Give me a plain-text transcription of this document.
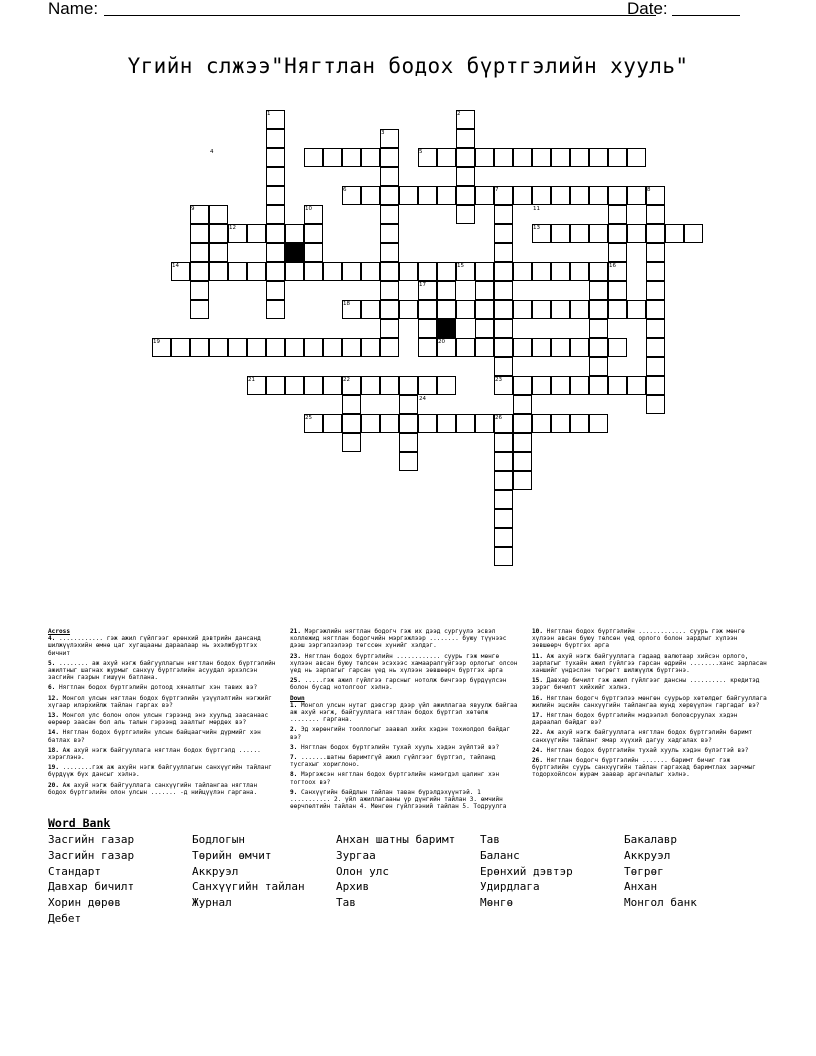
Name:	Date:
Үгийн слжээ"Нягтлан бодох бүртгэлийн хууль"
1	2
3
4	5
6	7	8
9	10	11
12	13
14	15	16
17
18
19	20
21	22	23
24
25	26
Across
4. ............ гэж ажил гүйлгээг ерөнхий дэвтрийн дансанд шилжүүлэхийн өмнө цаг хугацааны дараалаар нь эхэлжбүртгэх бичнит
5. ........ аж ахуй нэгж байгууллагын нягтлан бодох бүртгэлийн ажилтныг шагнах журмыг санхүү бүртгэлийн асуудал эрхэлсэн засгийн газрын гишүүн батлана.
6. Нягтлан бодох бүртгэлийн дотоод хяналтыг хэн тавих вэ?
12. Монгол улсын нягтлан бодох бүртгэлийн үзүүлэлтийн нэгжийг хүгаар илэрхийлж тайлан гаргах вэ?
13. Монгол улс болон олон улсын гэрээнд энэ хуульд заасанаас өөрөөр заасан бол аль талын гэрээнд заалтыг мөрдөх вэ?
14. Нягтлан бодох бүртгэлийн улсын байцаагчийн дүрмийг хэн батлах вэ?
18. Аж ахуй нэгж байгууллага нягтлан бодох бүртгэлд ...... хэрэглэнэ.
19. ........гэж аж ахуйн нэгж байгууллагын санхүүгийн тайланг бүрдүүж бүх дансыг хэлнэ.
20. Аж ахуй нэгж байгууллага санхүүгийн тайлангаа нягтлан бодох бүртгэлийн олон улсын ....... -д нийцүүлэн гаргана.
21. Мэргэжлийн нягтлан бодогч гэж их дээд сургуулэ эсвэл коллежид нягтлан бодогчийн мэргэжлээр ........ буюу түүнээс дээш зэргэлзэлээр төгссөн хүнийг хэлдэг.
23. Нягтлан бодох бүртгэлийн ............ суурь гэж мөнгө хүлээн авсан буюу төлсөн эсэхээс хамааралгүйгээр орлогыг олсон үед нь зарлагыг гарсан үед нь хүлээн зөвшөөрч бүртгэх арга
25. .....гэж ажил гүйлгээ гарсныг нотолж бичгээр бүрдүүлсэн болон бусад нотолгоог хэлнэ.
Down
1. Монгол улсын нутаг дэвсгэр дээр үйл ажиллагаа явуулж байгаа аж ахуй нэгж, байгууллага нягтлан бодох бүртгэл хөтөлж ........ гаргана.
2. Эд хөрөнгийн тооллогыг заавал хийх хэдэн тохиолдол байдаг вэ?
3. Нягтлан бодох бүртгэлийн тухай хууль хэдэн зүйлтэй вэ?
7. .......шатны баримтгүй ажил гүйлгээг бүртгэл, тайланд тусгахыг хориглоно.
8. Мэргэжсэн нягтлан бодох бүртгэлийн нэмэгдэл цалинг хэн тогтоох вэ?
9. Санхүүгийн байдлын тайлан таван бүрэлдэхүүнтэй. 1 ........... 2. үйл ажиллагааны үр дүнгийн тайлан 3. өмчийн өөрчлөлтийн тайлан 4. Мөнгөн гүйлгээний тайлан 5. Тодруулга
10. Нягтлан бодох бүртгэлийн ............. суурь гэж мөнгө хүлээн авсан буюу төлсөн үед орлого болон зардлыг хүлээн зөвшөөрч бүртгэх арга
11. Аж ахуй нэгж байгууллага гадаад валютаар хийсэн орлого, зарлагыг тухайн ажил гүйлгээ гарсан өдрийн ........ханс зарласан ханшийг үндэслэн төгрөгт шилжүүлж бүртгэнэ.
15. Давхар бичилт гэж ажил гүйлгээг дансны .......... кредитэд зэрэг бичилт хийхийг хэлнэ.
16. Нягтлан бодогч бүртгэлээ мөнгөн суурьор хөтөлдөг байгууллага жилийн эцсийн санхүүгийн тайлангаа юунд хөрвүүлэн гаргадаг вэ?
17. Нягтлан бодох бүртгэлийн мэдээлэл боловсруулах хэдэн дараалал байдаг вэ?
22. Аж ахуй нэгж байгууллага нягтлан бодох бүртгэлийн баримт санхүүгийн тайланг ямар хүүхий дагуу хадгалах вэ?
24. Нягтлан бодох бүртгэлийн тухай хууль хэдэн бүлэгтэй вэ?
26. Нягтлан бодогч бүртгэлийн ....... баримт бичиг гэж бүртгэлийн суурь санхүүгийн тайлан гаргахад баримтлах зарчмыг тодорхойлсон журам заавар аргачлалыг хэлнэ.
Word Bank
Засгийн газар	Бодлогын	Анхан шатны баримт	Тав	Бакалавр
Засгийн газар	Төрийн өмчит	Зургаа	Баланс	Аккруэл
Стандарт	Аккруэл	Олон улс	Ерөнхий дэвтэр	Төгрөг
Давхар бичилт	Санхүүгийн тайлан	Архив	Удирдлага	Анхан
Хорин дөрөв	Журнал	Тав	Мөнгө	Монгол банк
Дебет
